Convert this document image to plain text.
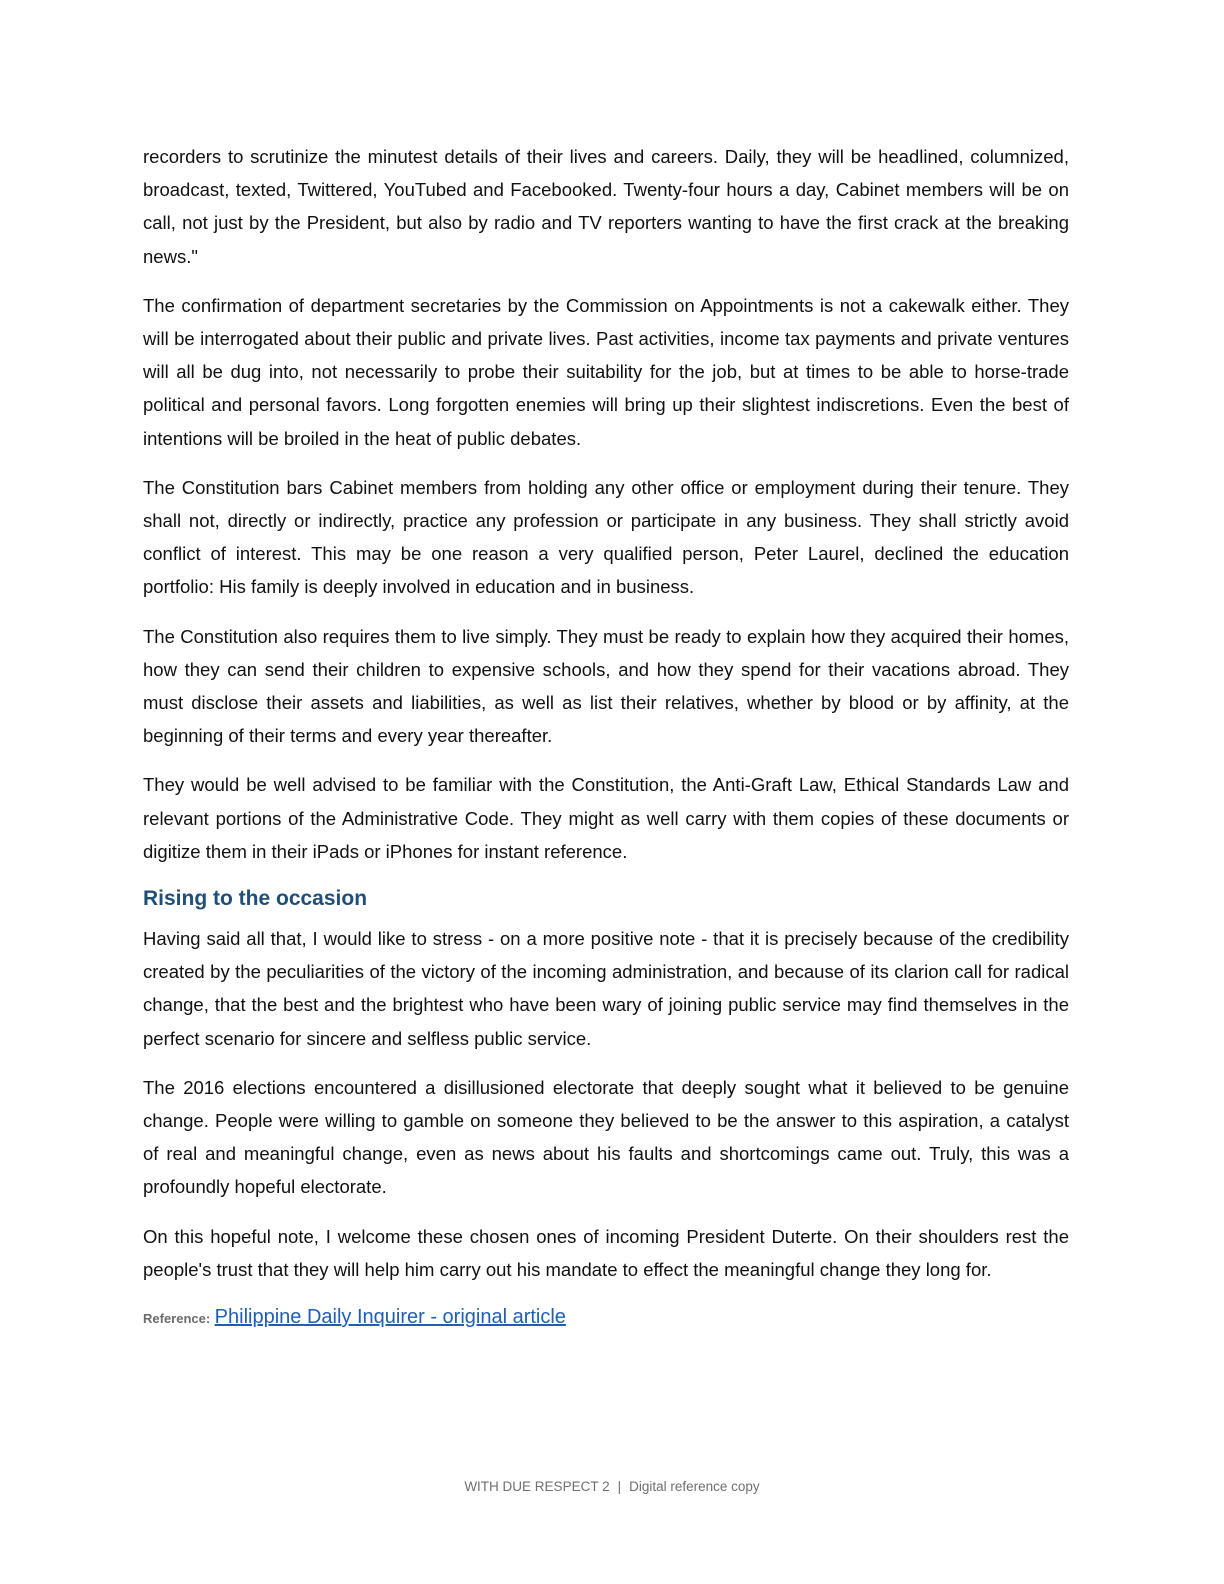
recorders to scrutinize the minutest details of their lives and careers. Daily, they will be headlined, columnized, broadcast, texted, Twittered, YouTubed and Facebooked. Twenty-four hours a day, Cabinet members will be on call, not just by the President, but also by radio and TV reporters wanting to have the first crack at the breaking news."

The confirmation of department secretaries by the Commission on Appointments is not a cakewalk either. They will be interrogated about their public and private lives. Past activities, income tax payments and private ventures will all be dug into, not necessarily to probe their suitability for the job, but at times to be able to horse-trade political and personal favors. Long forgotten enemies will bring up their slightest indiscretions. Even the best of intentions will be broiled in the heat of public debates.

The Constitution bars Cabinet members from holding any other office or employment during their tenure. They shall not, directly or indirectly, practice any profession or participate in any business. They shall strictly avoid conflict of interest. This may be one reason a very qualified person, Peter Laurel, declined the education portfolio: His family is deeply involved in education and in business.

The Constitution also requires them to live simply. They must be ready to explain how they acquired their homes, how they can send their children to expensive schools, and how they spend for their vacations abroad. They must disclose their assets and liabilities, as well as list their relatives, whether by blood or by affinity, at the beginning of their terms and every year thereafter.

They would be well advised to be familiar with the Constitution, the Anti-Graft Law, Ethical Standards Law and relevant portions of the Administrative Code. They might as well carry with them copies of these documents or digitize them in their iPads or iPhones for instant reference.

Rising to the occasion

Having said all that, I would like to stress - on a more positive note - that it is precisely because of the credibility created by the peculiarities of the victory of the incoming administration, and because of its clarion call for radical change, that the best and the brightest who have been wary of joining public service may find themselves in the perfect scenario for sincere and selfless public service.

The 2016 elections encountered a disillusioned electorate that deeply sought what it believed to be genuine change. People were willing to gamble on someone they believed to be the answer to this aspiration, a catalyst of real and meaningful change, even as news about his faults and shortcomings came out. Truly, this was a profoundly hopeful electorate.

On this hopeful note, I welcome these chosen ones of incoming President Duterte. On their shoulders rest the people's trust that they will help him carry out his mandate to effect the meaningful change they long for.

Reference: Philippine Daily Inquirer - original article
WITH DUE RESPECT 2 | Digital reference copy
